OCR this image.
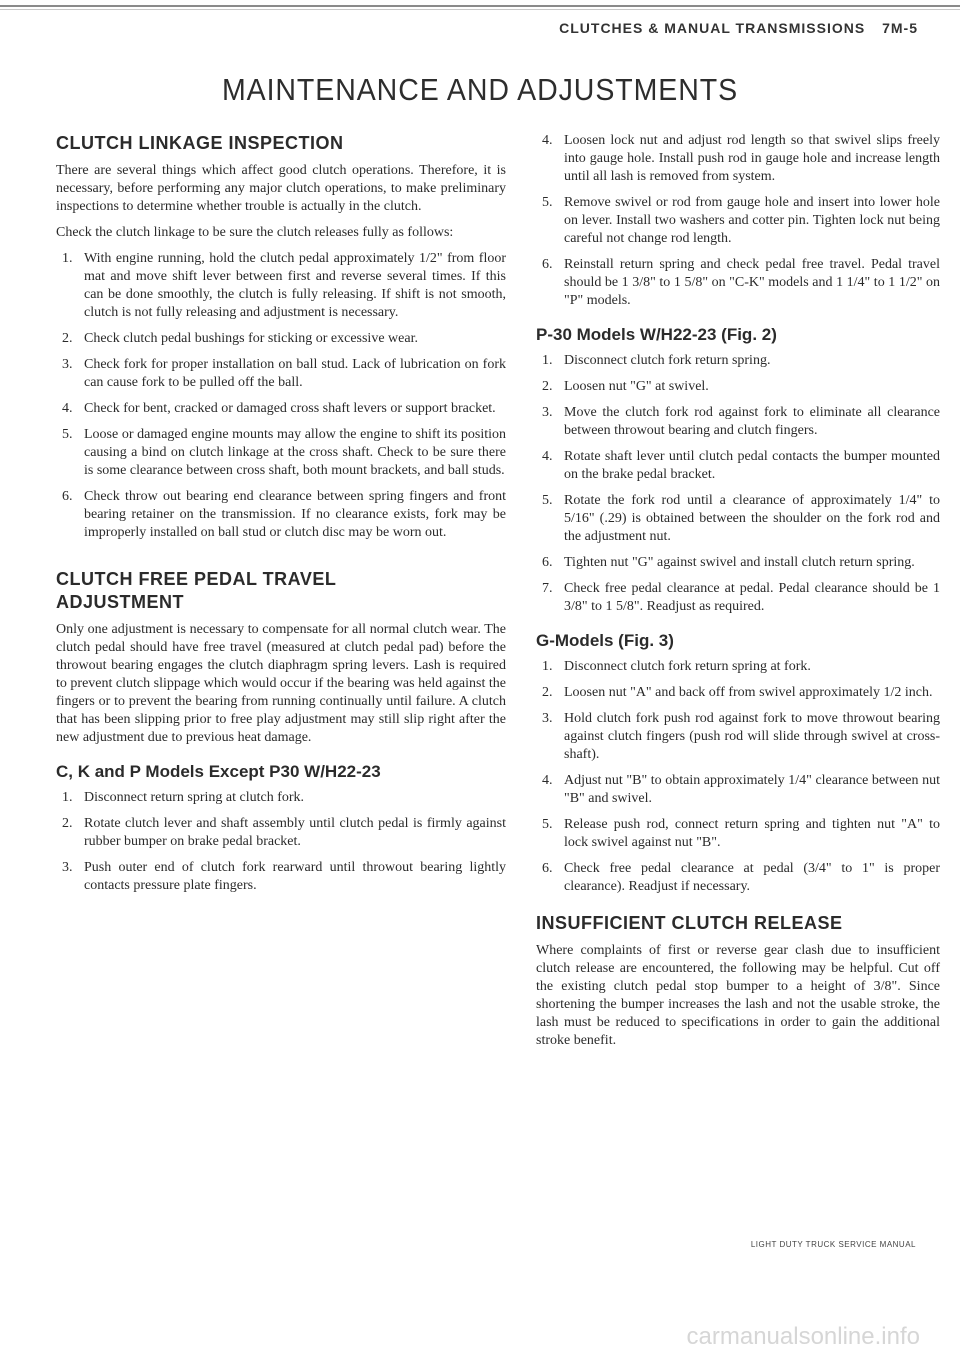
CLUTCHES & MANUAL TRANSMISSIONS 7M-5
MAINTENANCE AND ADJUSTMENTS
CLUTCH LINKAGE INSPECTION

There are several things which affect good clutch operations. Therefore, it is necessary, before performing any major clutch operations, to make preliminary inspections to determine whether trouble is actually in the clutch.

Check the clutch linkage to be sure the clutch releases fully as follows:

1. With engine running, hold the clutch pedal approximately 1/2" from floor mat and move shift lever between first and reverse several times. If this can be done smoothly, the clutch is fully releasing. If shift is not smooth, clutch is not fully releasing and adjustment is necessary.
2. Check clutch pedal bushings for sticking or excessive wear.
3. Check fork for proper installation on ball stud. Lack of lubrication on fork can cause fork to be pulled off the ball.
4. Check for bent, cracked or damaged cross shaft levers or support bracket.
5. Loose or damaged engine mounts may allow the engine to shift its position causing a bind on clutch linkage at the cross shaft. Check to be sure there is some clearance between cross shaft, both mount brackets, and ball studs.
6. Check throw out bearing end clearance between spring fingers and front bearing retainer on the transmission. If no clearance exists, fork may be improperly installed on ball stud or clutch disc may be worn out.
CLUTCH FREE PEDAL TRAVEL
ADJUSTMENT

Only one adjustment is necessary to compensate for all normal clutch wear. The clutch pedal should have free travel (measured at clutch pedal pad) before the throwout bearing engages the clutch diaphragm spring levers. Lash is required to prevent clutch slippage which would occur if the bearing was held against the fingers or to prevent the bearing from running continually until failure. A clutch that has been slipping prior to free play adjustment may still slip right after the new adjustment due to previous heat damage.

C, K and P Models Except P30 W/H22-23
1. Disconnect return spring at clutch fork.
2. Rotate clutch lever and shaft assembly until clutch pedal is firmly against rubber bumper on brake pedal bracket.
3. Push outer end of clutch fork rearward until throwout bearing lightly contacts pressure plate fingers.
4. Loosen lock nut and adjust rod length so that swivel slips freely into gauge hole. Install push rod in gauge hole and increase length until all lash is removed from system.
5. Remove swivel or rod from gauge hole and insert into lower hole on lever. Install two washers and cotter pin. Tighten lock nut being careful not change rod length.
6. Reinstall return spring and check pedal free travel. Pedal travel should be 1 3/8" to 1 5/8" on "C-K" models and 1 1/4" to 1 1/2" on "P" models.
P-30 Models W/H22-23 (Fig. 2)
1. Disconnect clutch fork return spring.
2. Loosen nut "G" at swivel.
3. Move the clutch fork rod against fork to eliminate all clearance between throwout bearing and clutch fingers.
4. Rotate shaft lever until clutch pedal contacts the bumper mounted on the brake pedal bracket.
5. Rotate the fork rod until a clearance of approximately 1/4" to 5/16" (.29) is obtained between the shoulder on the fork rod and the adjustment nut.
6. Tighten nut "G" against swivel and install clutch return spring.
7. Check free pedal clearance at pedal. Pedal clearance should be 1 3/8" to 1 5/8". Readjust as required.
G-Models (Fig. 3)
1. Disconnect clutch fork return spring at fork.
2. Loosen nut "A" and back off from swivel approximately 1/2 inch.
3. Hold clutch fork push rod against fork to move throwout bearing against clutch fingers (push rod will slide through swivel at cross-shaft).
4. Adjust nut "B" to obtain approximately 1/4" clearance between nut "B" and swivel.
5. Release push rod, connect return spring and tighten nut "A" to lock swivel against nut "B".
6. Check free pedal clearance at pedal (3/4" to 1" is proper clearance). Readjust if necessary.
INSUFFICIENT CLUTCH RELEASE

Where complaints of first or reverse gear clash due to insufficient clutch release are encountered, the following may be helpful. Cut off the existing clutch pedal stop bumper to a height of 3/8". Since shortening the bumper increases the lash and not the usable stroke, the lash must be reduced to specifications in order to gain the additional stroke benefit.

LIGHT DUTY TRUCK SERVICE MANUAL
carmanualsonline.info
